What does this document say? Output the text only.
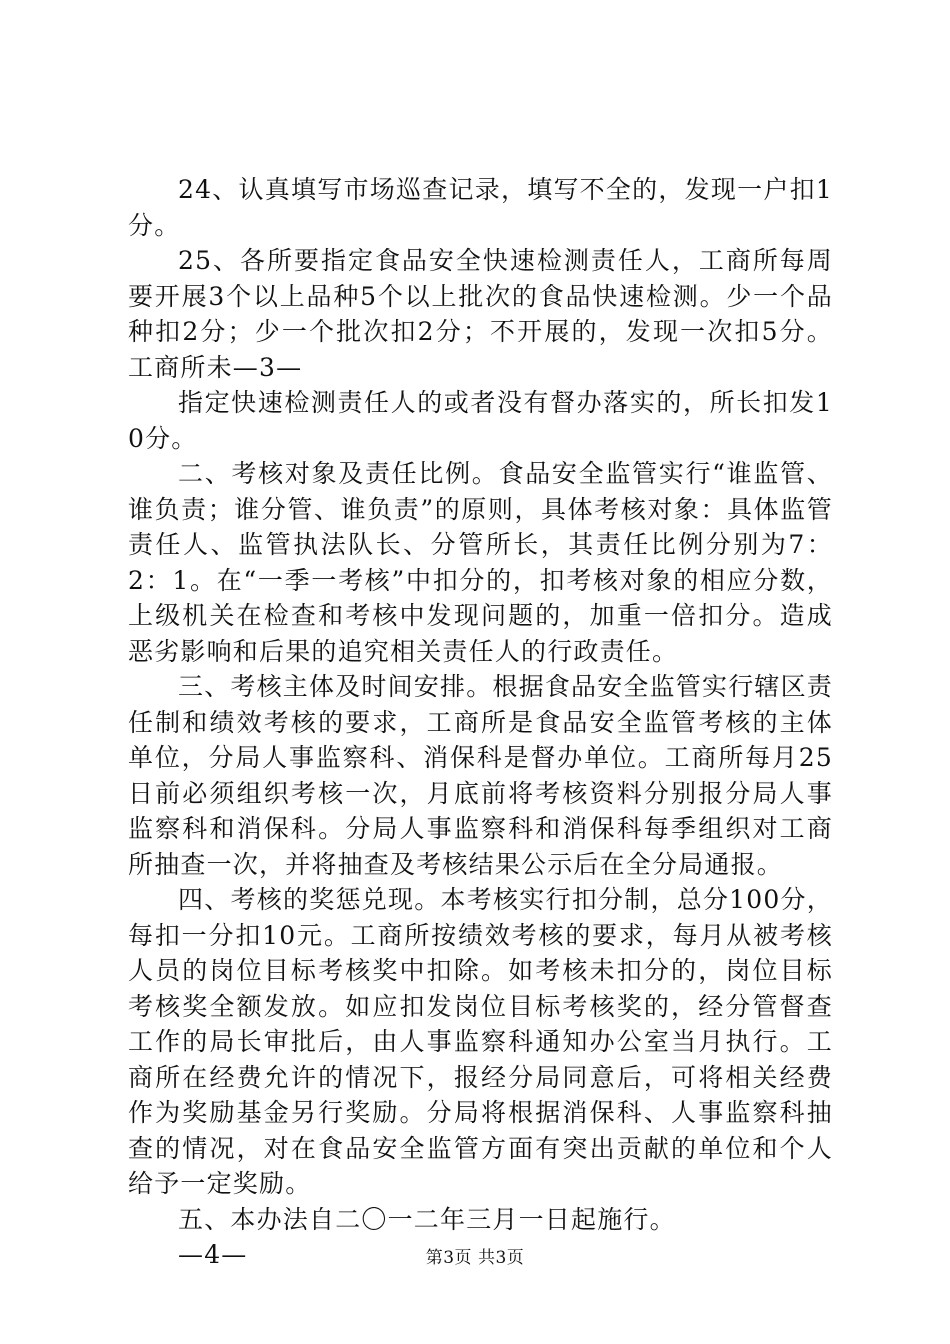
24、认真填写市场巡查记录，填写不全的，发现一户扣1分。

25、各所要指定食品安全快速检测责任人，工商所每周要开展3个以上品种5个以上批次的食品快速检测。少一个品种扣2分；少一个批次扣2分；不开展的，发现一次扣5分。工商所未—3—

指定快速检测责任人的或者没有督办落实的，所长扣发10分。

二、考核对象及责任比例。食品安全监管实行“谁监管、谁负责；谁分管、谁负责”的原则，具体考核对象：具体监管责任人、监管执法队长、分管所长，其责任比例分别为7：2：1。在“一季一考核”中扣分的，扣考核对象的相应分数，上级机关在检查和考核中发现问题的，加重一倍扣分。造成恶劣影响和后果的追究相关责任人的行政责任。

三、考核主体及时间安排。根据食品安全监管实行辖区责任制和绩效考核的要求，工商所是食品安全监管考核的主体单位，分局人事监察科、消保科是督办单位。工商所每月25日前必须组织考核一次，月底前将考核资料分别报分局人事监察科和消保科。分局人事监察科和消保科每季组织对工商所抽查一次，并将抽查及考核结果公示后在全分局通报。

四、考核的奖惩兑现。本考核实行扣分制，总分100分，每扣一分扣10元。工商所按绩效考核的要求，每月从被考核人员的岗位目标考核奖中扣除。如考核未扣分的，岗位目标考核奖全额发放。如应扣发岗位目标考核奖的，经分管督查工作的局长审批后，由人事监察科通知办公室当月执行。工商所在经费允许的情况下，报经分局同意后，可将相关经费作为奖励基金另行奖励。分局将根据消保科、人事监察科抽查的情况，对在食品安全监管方面有突出贡献的单位和个人给予一定奖励。

五、本办法自二〇一二年三月一日起施行。

—4—	第3页 共3页
